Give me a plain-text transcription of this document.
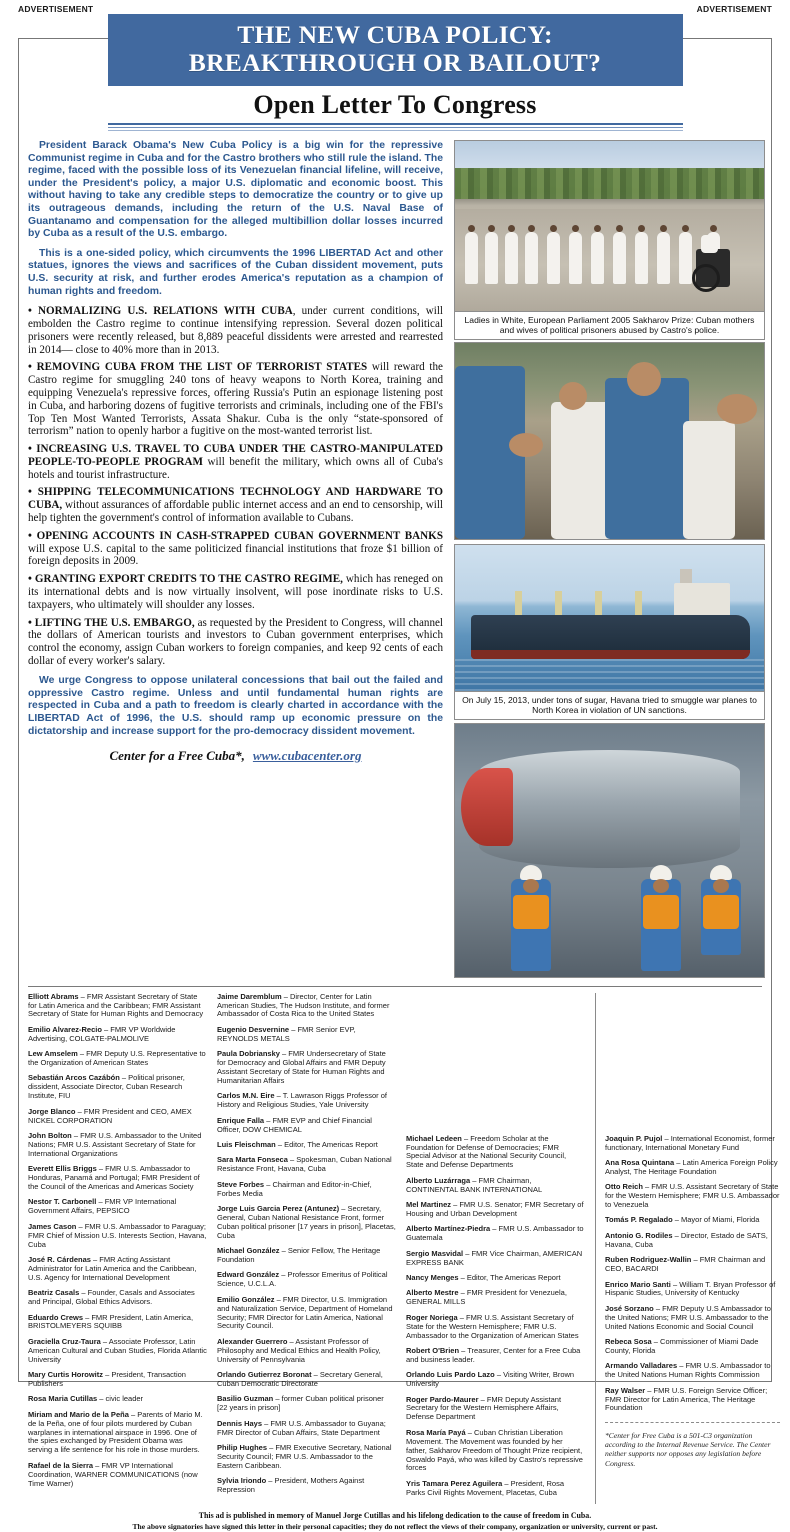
ADVERTISEMENT	ADVERTISEMENT
THE NEW CUBA POLICY:
BREAKTHROUGH OR BAILOUT?
Open Letter To Congress

President Barack Obama's New Cuba Policy is a big win for the repressive Communist regime in Cuba and for the Castro brothers who still rule the island. The regime, faced with the possible loss of its Venezuelan financial lifeline, will receive, under the President's policy, a major U.S. diplomatic and economic boost. This without having to take any credible steps to democratize the country or to give up its outrageous demands, including the return of the U.S. Naval Base of Guantanamo and compensation for the alleged multibillion dollar losses incurred by Cuba as a result of the U.S. embargo.

This is a one-sided policy, which circumvents the 1996 LIBERTAD Act and other statues, ignores the views and sacrifices of the Cuban dissident movement, puts U.S. security at risk, and further erodes America's reputation as a champion of human rights and freedom.

• NORMALIZING U.S. RELATIONS WITH CUBA, under current conditions, will embolden the Castro regime to continue intensifying repression. Several dozen political prisoners were recently released, but 8,889 peaceful dissidents were arrested and rearrested in 2014— close to 40% more than in 2013.

• REMOVING CUBA FROM THE LIST OF TERRORIST STATES will reward the Castro regime for smuggling 240 tons of heavy weapons to North Korea, training and equipping Venezuela's repressive forces, offering Russia's Putin an espionage listening post in Cuba, and harboring dozens of fugitive terrorists and criminals, including one of the FBI's Top Ten Most Wanted Terrorists, Assata Shakur. Cuba is the only “state-sponsored of terrorism” nation to openly harbor a fugitive on the most-wanted terrorist list.

• INCREASING U.S. TRAVEL TO CUBA UNDER THE CASTRO-MANIPULATED PEOPLE-TO-PEOPLE PROGRAM will benefit the military, which owns all of Cuba's hotels and tourist infrastructure.

• SHIPPING TELECOMMUNICATIONS TECHNOLOGY AND HARDWARE TO CUBA, without assurances of affordable public internet access and an end to censorship, will help tighten the government's control of information available to Cubans.

• OPENING ACCOUNTS IN CASH-STRAPPED CUBAN GOVERNMENT BANKS will expose U.S. capital to the same politicized financial institutions that froze $1 billion of foreign deposits in 2009.

• GRANTING EXPORT CREDITS TO THE CASTRO REGIME, which has reneged on its international debts and is now virtually insolvent, will pose inordinate risks to U.S. taxpayers, who ultimately will shoulder any losses.

• LIFTING THE U.S. EMBARGO, as requested by the President to Congress, will channel the dollars of American tourists and investors to Cuban government enterprises, which control the economy, assign Cuban workers to foreign companies, and keep 92 cents of each dollar of every worker's salary.

We urge Congress to oppose unilateral concessions that bail out the failed and oppressive Castro regime. Unless and until fundamental human rights are respected in Cuba and a path to freedom is clearly charted in accordance with the LIBERTAD Act of 1996, the U.S. should ramp up economic pressure on the dictatorship and increase support for the pro-democracy dissident movement.

Center for a Free Cuba*, www.cubacenter.org
Ladies in White, European Parliament 2005 Sakharov Prize: Cuban mothers and wives of political prisoners abused by Castro's police.
On July 15, 2013, under tons of sugar, Havana tried to smuggle war planes to North Korea in violation of UN sanctions.

Elliott Abrams – FMR Assistant Secretary of State for Latin America and the Caribbean; FMR Assistant Secretary of State for Human Rights and Democracy

Emilio Alvarez-Recio – FMR VP Worldwide Advertising, COLGATE-PALMOLIVE

Lew Amselem – FMR Deputy U.S. Representative to the Organization of American States

Sebastián Arcos Cazábón – Political prisoner, dissident, Associate Director, Cuban Research Institute, FIU

Jorge Blanco – FMR President and CEO, AMEX NICKEL CORPORATION

John Bolton – FMR U.S. Ambassador to the United Nations; FMR U.S. Assistant Secretary of State for International Organizations

Everett Ellis Briggs – FMR U.S. Ambassador to Honduras, Panamá and Portugal; FMR President of the Council of the Americas and Americas Society

Nestor T. Carbonell – FMR VP International Government Affairs, PEPSICO

James Cason – FMR U.S. Ambassador to Paraguay; FMR Chief of Mission U.S. Interests Section, Havana, Cuba

José R. Cárdenas – FMR Acting Assistant Administrator for Latin America and the Caribbean, U.S. Agency for International Development

Beatriz Casals – Founder, Casals and Associates and Principal, Global Ethics Advisors.

Eduardo Crews – FMR President, Latin America, BRISTOLMEYERS SQUIBB

Graciella Cruz-Taura – Associate Professor, Latin American Cultural and Cuban Studies, Florida Atlantic University

Mary Curtis Horowitz – President, Transaction Publishers

Rosa Maria Cutillas – civic leader

Miriam and Mario de la Peña – Parents of Mario M. de la Peña, one of four pilots murdered by Cuban warplanes in international airspace in 1996. One of the spies exchanged by President Obama was serving a life sentence for his role in those murders.

Rafael de la Sierra – FMR VP International Coordination, WARNER COMMUNICATIONS (now Time Warner)

Jaime Daremblum – Director, Center for Latin American Studies, The Hudson Institute, and former Ambassador of Costa Rica to the United States

Eugenio Desvernine – FMR Senior EVP, REYNOLDS METALS

Paula Dobriansky – FMR Undersecretary of State for Democracy and Global Affairs and FMR Deputy Assistant Secretary of State for Human Rights and Humanitarian Affairs

Carlos M.N. Eire – T. Lawrason Riggs Professor of History and Religious Studies, Yale University

Enrique Falla – FMR EVP and Chief Financial Officer, DOW CHEMICAL

Luis Fleischman – Editor, The Americas Report

Sara Marta Fonseca – Spokesman, Cuban National Resistance Front, Havana, Cuba

Steve Forbes – Chairman and Editor-in-Chief, Forbes Media

Jorge Luis Garcia Perez (Antunez) – Secretary, General, Cuban National Resistance Front, former Cuban political prisoner [17 years in prison], Placetas, Cuba

Michael González – Senior Fellow, The Heritage Foundation

Edward González – Professor Emeritus of Political Science, U.C.L.A.

Emilio González – FMR Director, U.S. Immigration and Naturalization Service, Department of Homeland Security; FMR Director for Latin America, National Security Council.

Alexander Guerrero – Assistant Professor of Philosophy and Medical Ethics and Health Policy, University of Pennsylvania

Orlando Gutierrez Boronat – Secretary General, Cuban Democratic Directorate

Basilio Guzman – former Cuban political prisoner [22 years in prison]

Dennis Hays – FMR U.S. Ambassador to Guyana; FMR Director of Cuban Affairs, State Department

Philip Hughes – FMR Executive Secretary, National Security Council; FMR U.S. Ambassador to the Eastern Caribbean.

Sylvia Iriondo – President, Mothers Against Repression

Michael Ledeen – Freedom Scholar at the Foundation for Defense of Democracies; FMR Special Advisor at the National Security Council, State and Defense Departments

Alberto Luzárraga – FMR Chairman, CONTINENTAL BANK INTERNATIONAL

Mel Martinez – FMR U.S. Senator; FMR Secretary of Housing and Urban Development

Alberto Martínez-Piedra – FMR U.S. Ambassador to Guatemala

Sergio Masvidal – FMR Vice Chairman, AMERICAN EXPRESS BANK

Nancy Menges – Editor, The Americas Report

Alberto Mestre – FMR President for Venezuela, GENERAL MILLS

Roger Noriega – FMR U.S. Assistant Secretary of State for the Western Hemisphere; FMR U.S. Ambassador to the Organization of American States

Robert O'Brien – Treasurer, Center for a Free Cuba and business leader.

Orlando Luis Pardo Lazo – Visiting Writer, Brown University

Roger Pardo-Maurer – FMR Deputy Assistant Secretary for the Western Hemisphere Affairs, Defense Department

Rosa María Payá – Cuban Christian Liberation Movement. The Movement was founded by her father, Sakharov Freedom of Thought Prize recipient, Oswaldo Payá, who was killed by Castro's repressive forces

Yris Tamara Perez Aguilera – President, Rosa Parks Civil Rights Movement, Placetas, Cuba

Joaquin P. Pujol – International Economist, former functionary, International Monetary Fund

Ana Rosa Quintana – Latin America Foreign Policy Analyst, The Heritage Foundation

Otto Reich – FMR U.S. Assistant Secretary of State for the Western Hemisphere; FMR U.S. Ambassador to Venezuela

Tomás P. Regalado – Mayor of Miami, Florida

Antonio G. Rodiles – Director, Estado de SATS, Havana, Cuba

Ruben Rodriguez-Wallin – FMR Chairman and CEO, BACARDI

Enrico Mario Santi – William T. Bryan Professor of Hispanic Studies, University of Kentucky

José Sorzano – FMR Deputy U.S Ambassador to the United Nations; FMR U.S. Ambassador to the United Nations Economic and Social Council

Rebeca Sosa – Commissioner of Miami Dade County, Florida

Armando Valladares – FMR U.S. Ambassador to the United Nations Human Rights Commission

Ray Walser – FMR U.S. Foreign Service Officer; FMR Director for Latin America, The Heritage Foundation

*Center for Free Cuba is a 501-C3 organization according to the Internal Revenue Service. The Center neither supports nor opposes any legislation before Congress.

This ad is published in memory of Manuel Jorge Cutillas and his lifelong dedication to the cause of freedom in Cuba.
The above signatories have signed this letter in their personal capacities; they do not reflect the views of their company, organization or university, current or past.
